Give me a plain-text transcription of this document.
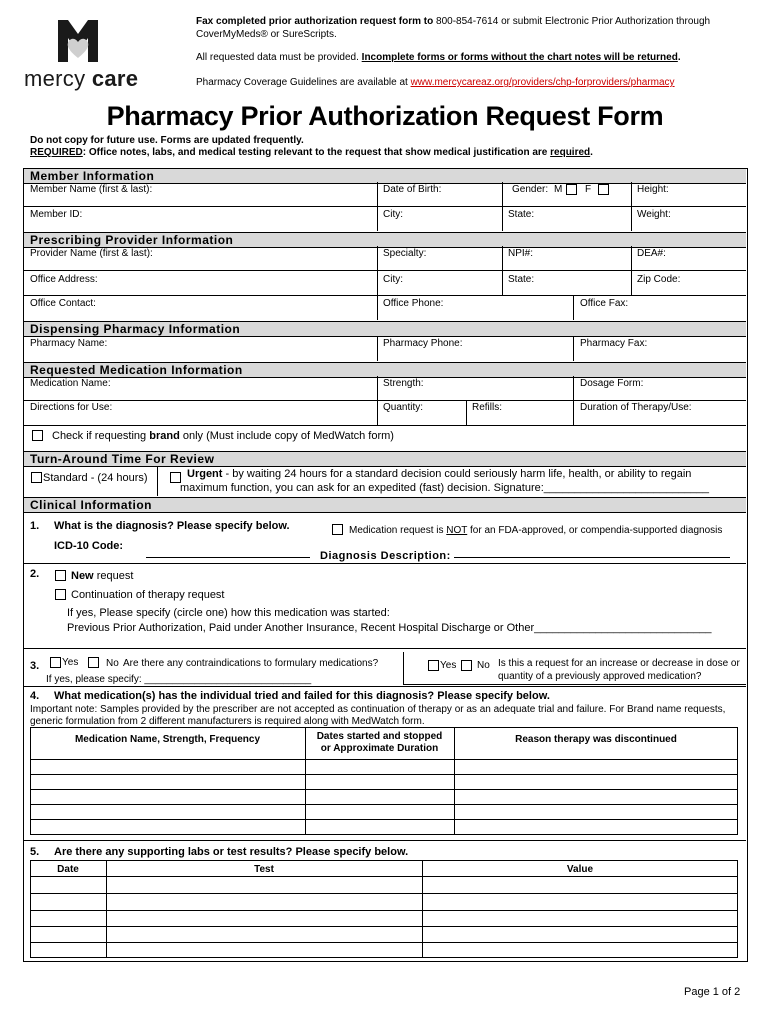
mercy care
Fax completed prior authorization request form to 800-854-7614 or submit Electronic Prior Authorization through
CoverMyMeds® or SureScripts.
All requested data must be provided. Incomplete forms or forms without the chart notes will be returned.
Pharmacy Coverage Guidelines are available at www.mercycareaz.org/providers/chp-forproviders/pharmacy
Pharmacy Prior Authorization Request Form
Do not copy for future use. Forms are updated frequently.
REQUIRED: Office notes, labs, and medical testing relevant to the request that show medical justification are required.
Member Information
Member Name (first & last):	Date of Birth:	Gender: M F	Height:
Member ID:	City:	State:	Weight:
Prescribing Provider Information
Provider Name (first & last):	Specialty:	NPI#:	DEA#:
Office Address:	City:	State:	Zip Code:
Office Contact:	Office Phone:	Office Fax:
Dispensing Pharmacy Information
Pharmacy Name:	Pharmacy Phone:	Pharmacy Fax:
Requested Medication Information
Medication Name:	Strength:	Dosage Form:
Directions for Use:	Quantity:	Refills:	Duration of Therapy/Use:
Check if requesting brand only (Must include copy of MedWatch form)
Turn-Around Time For Review
Standard - (24 hours)	Urgent - by waiting 24 hours for a standard decision could seriously harm life, health, or ability to regain
maximum function, you can ask for an expedited (fast) decision. Signature:___________________________
Clinical Information
1. What is the diagnosis? Please specify below.	Medication request is NOT for an FDA-approved, or compendia-supported diagnosis
ICD-10 Code:
Diagnosis Description:
2.	New request
Continuation of therapy request
If yes, Please specify (circle one) how this medication was started:
Previous Prior Authorization, Paid under Another Insurance, Recent Hospital Discharge or Other_____________________________
3. Yes	No Are there any contraindications to formulary medications?
If yes, please specify: ______________________________
Yes No Is this a request for an increase or decrease in dose or
quantity of a previously approved medication?
4. What medication(s) has the individual tried and failed for this diagnosis? Please specify below.
Important note: Samples provided by the prescriber are not accepted as continuation of therapy or as an adequate trial and failure. For Brand name requests,
generic formulation from 2 different manufacturers is required along with MedWatch form.
Medication Name, Strength, Frequency	Dates started and stopped
or Approximate Duration
Reason therapy was discontinued
5. Are there any supporting labs or test results? Please specify below.
Date	Test	Value
Page 1 of 2
